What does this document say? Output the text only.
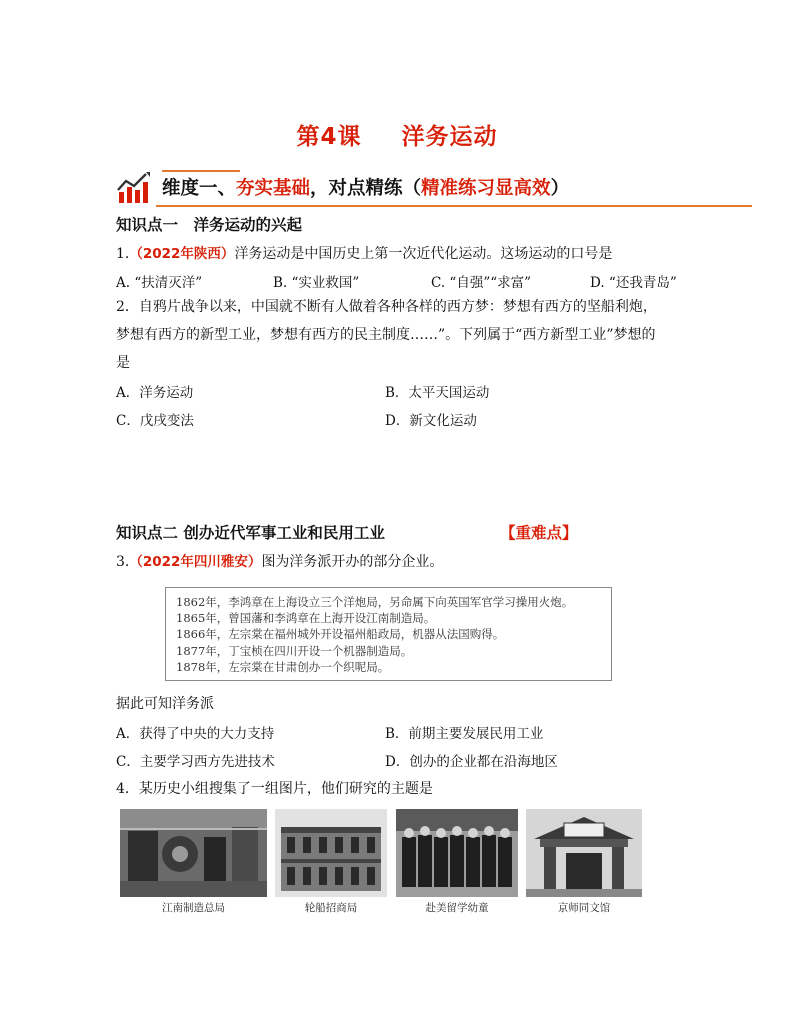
第4课 洋务运动
维度一、夯实基础，对点精练（精准练习显高效）
知识点一　洋务运动的兴起
1.（2022年陕西）洋务运动是中国历史上第一次近代化运动。这场运动的口号是
A. “扶清灭洋”	B. “实业救国”	C. “自强”“求富”	D. “还我青岛”
2．自鸦片战争以来，中国就不断有人做着各种各样的西方梦：梦想有西方的坚船利炮，
梦想有西方的新型工业，梦想有西方的民主制度……”。下列属于“西方新型工业”梦想的
是
A．洋务运动	B．太平天国运动
C．戊戌变法	D．新文化运动
知识点二 创办近代军事工业和民用工业	【重难点】
3.（2022年四川雅安）图为洋务派开办的部分企业。
1862年，李鸿章在上海设立三个洋炮局，另命属下向英国军官学习操用火炮。
1865年，曾国藩和李鸿章在上海开设江南制造局。
1866年，左宗棠在福州城外开设福州船政局，机器从法国购得。
1877年，丁宝桢在四川开设一个机器制造局。
1878年，左宗棠在甘肃创办一个织呢局。
据此可知洋务派
A．获得了中央的大力支持	B．前期主要发展民用工业
C．主要学习西方先进技术	D．创办的企业都在沿海地区
4．某历史小组搜集了一组图片，他们研究的主题是
江南制造总局	轮船招商局	赴美留学幼童	京师同文馆
